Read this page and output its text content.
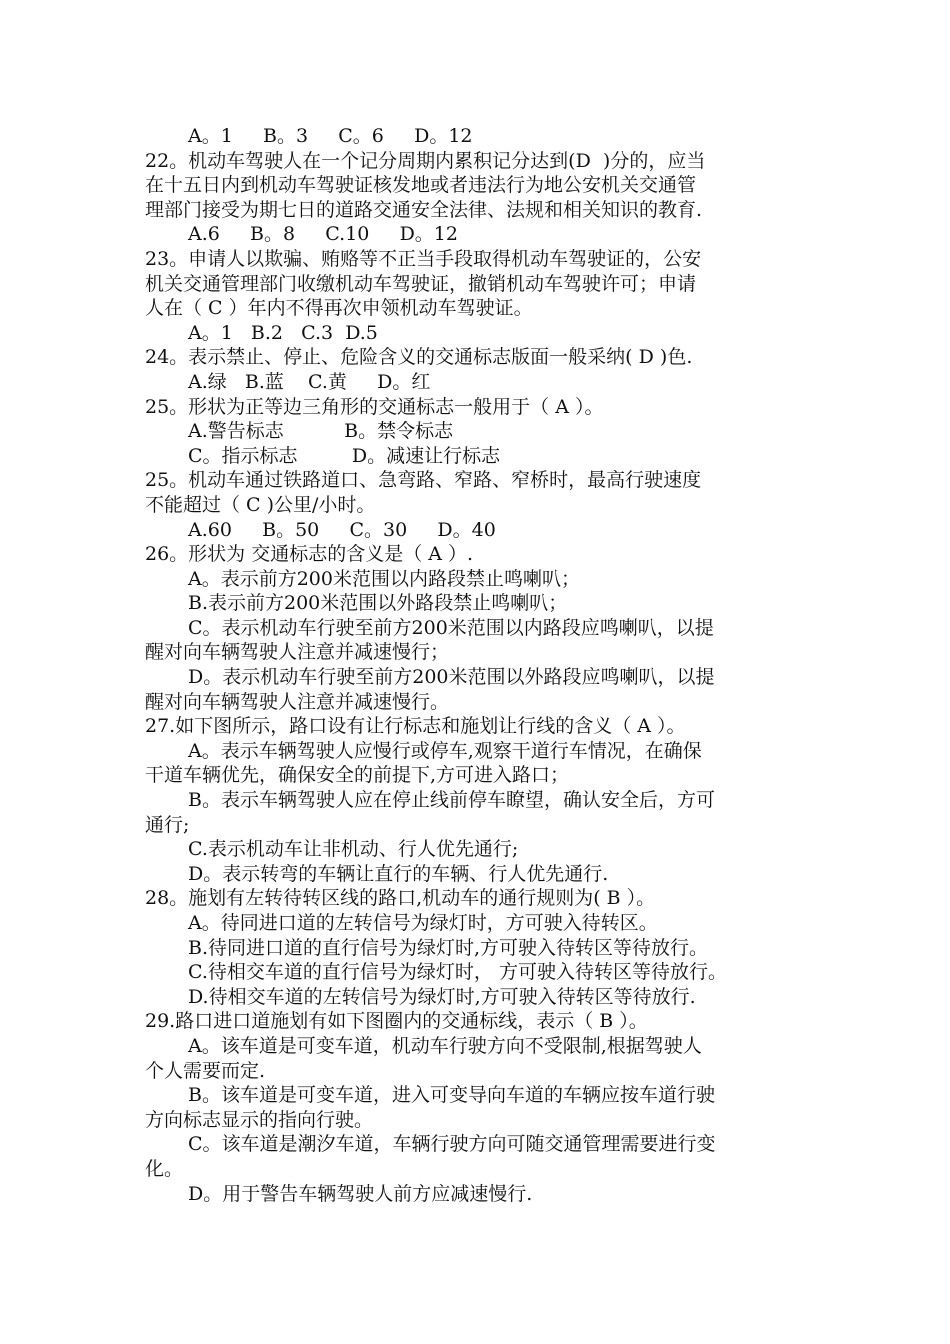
A。1     B。3     C。6     D。12
22。机动车驾驶人在一个记分周期内累积记分达到(D  )分的，应当
在十五日内到机动车驾驶证核发地或者违法行为地公安机关交通管
理部门接受为期七日的道路交通安全法律、法规和相关知识的教育.
A.6     B。8     C.10     D。12
23。申请人以欺骗、贿赂等不正当手段取得机动车驾驶证的，公安
机关交通管理部门收缴机动车驾驶证，撤销机动车驾驶许可；申请
人在（ C ）年内不得再次申领机动车驾驶证。
A。1   B.2   C.3  D.5
24。表示禁止、停止、危险含义的交通标志版面一般采纳( D )色.
A.绿   B.蓝    C.黄     D。红
25。形状为正等边三角形的交通标志一般用于（ A ）。
A.警告标志          B。禁令标志
C。指示标志         D。减速让行标志
25。机动车通过铁路道口、急弯路、窄路、窄桥时，最高行驶速度
不能超过（ C )公里/小时。
A.60     B。50     C。30     D。40
26。形状为 交通标志的含义是（ A ）.
A。表示前方200米范围以内路段禁止鸣喇叭；
B.表示前方200米范围以外路段禁止鸣喇叭；
C。表示机动车行驶至前方200米范围以内路段应鸣喇叭，以提
醒对向车辆驾驶人注意并减速慢行；
D。表示机动车行驶至前方200米范围以外路段应鸣喇叭，以提
醒对向车辆驾驶人注意并减速慢行。
27.如下图所示，路口设有让行标志和施划让行线的含义（ A ）。
A。表示车辆驾驶人应慢行或停车,观察干道行车情况，在确保
干道车辆优先，确保安全的前提下,方可进入路口；
B。表示车辆驾驶人应在停止线前停车瞭望，确认安全后，方可
通行;
C.表示机动车让非机动、行人优先通行;
D。表示转弯的车辆让直行的车辆、行人优先通行.
28。施划有左转待转区线的路口,机动车的通行规则为( B ）。
A。待同进口道的左转信号为绿灯时，方可驶入待转区。
B.待同进口道的直行信号为绿灯时,方可驶入待转区等待放行。
C.待相交车道的直行信号为绿灯时， 方可驶入待转区等待放行。
D.待相交车道的左转信号为绿灯时,方可驶入待转区等待放行.
29.路口进口道施划有如下图圈内的交通标线，表示（ B ）。
A。该车道是可变车道，机动车行驶方向不受限制,根据驾驶人
个人需要而定.
B。该车道是可变车道，进入可变导向车道的车辆应按车道行驶
方向标志显示的指向行驶。
C。该车道是潮汐车道，车辆行驶方向可随交通管理需要进行变
化。
D。用于警告车辆驾驶人前方应减速慢行.
